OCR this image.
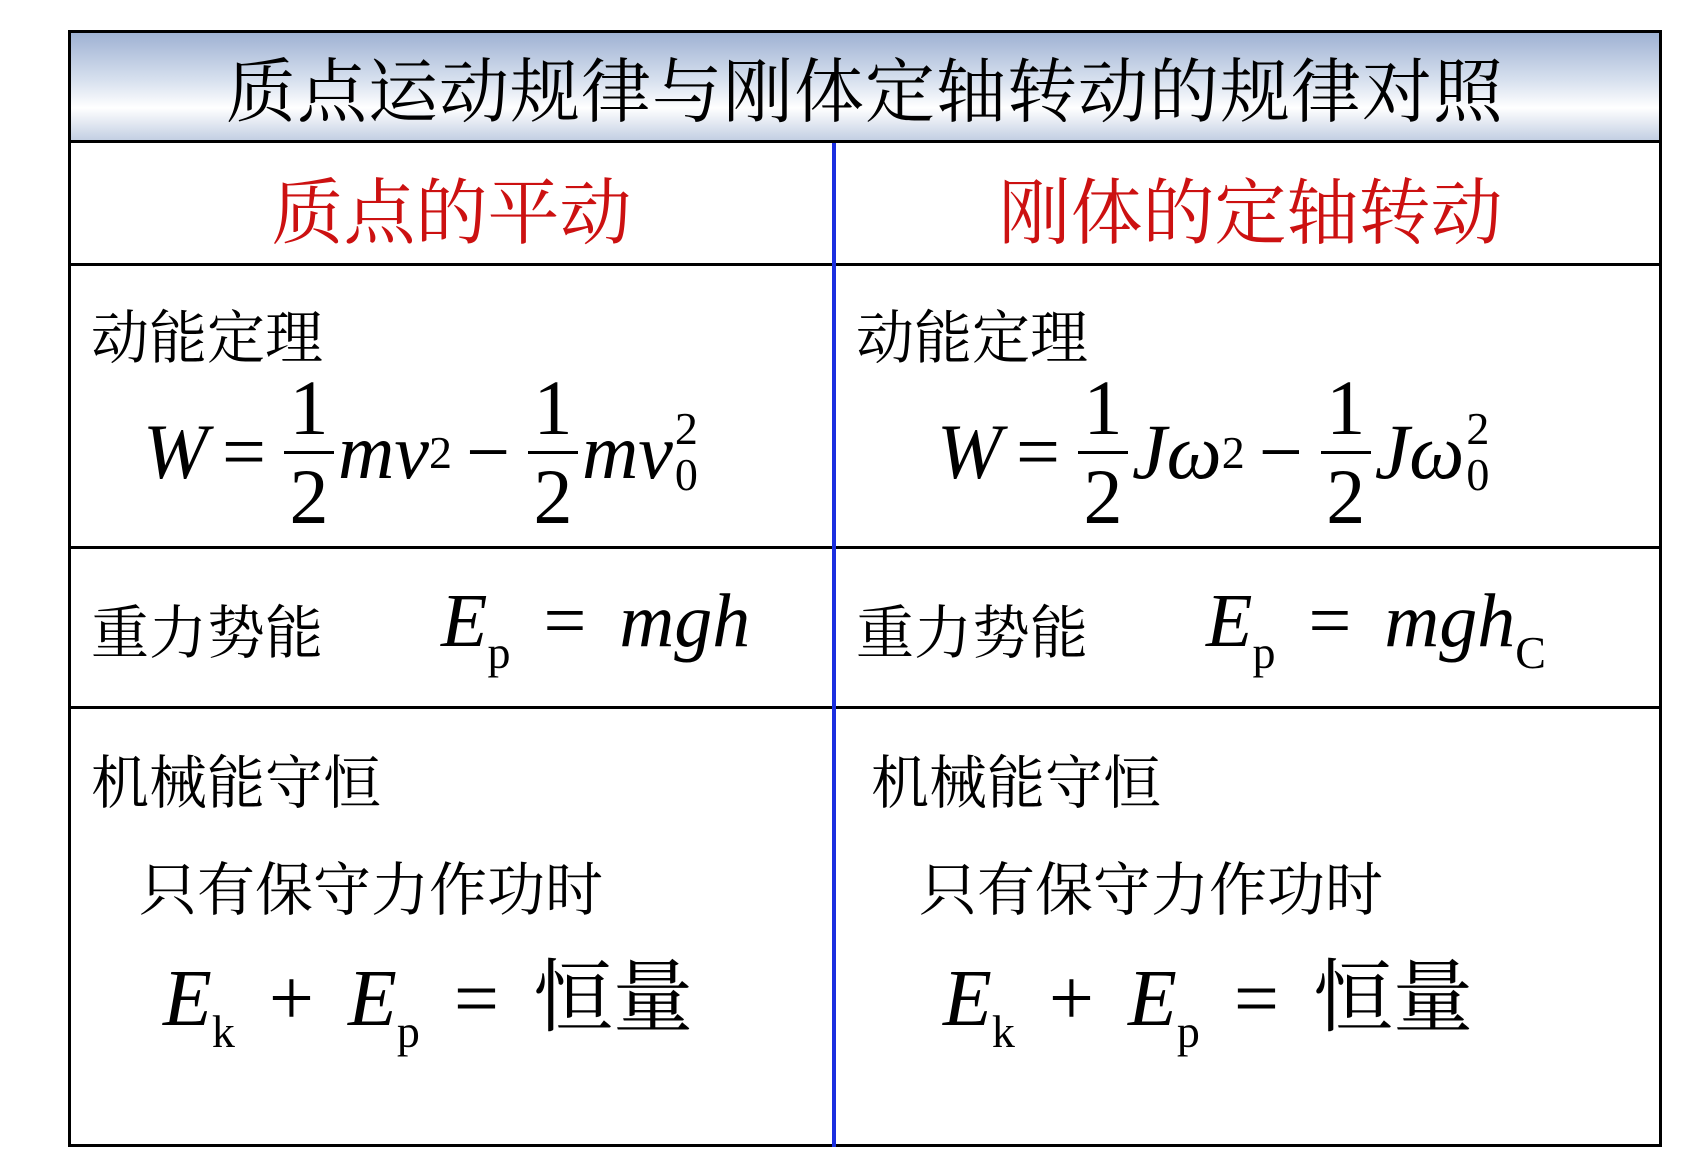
质点运动规律与刚体定轴转动的规律对照
质点的平动
动能定理
$W = \frac{1}{2}$ mv $2 - \frac{1}{2}$ mv 2
0
重力势能 $E_p$ = mgh
机械能守恒
只有保守力作功时
$E_k + E_p$ = 恒量
刚体的定轴转动
动能定理
$W = \frac{1}{2}$ Jω $2 - \frac{1}{2}$ Jω 2
0
重力势能 $E_p = mgh_C$
机械能守恒
只有保守力作功时
$E_k + E_p$ = 恒量
